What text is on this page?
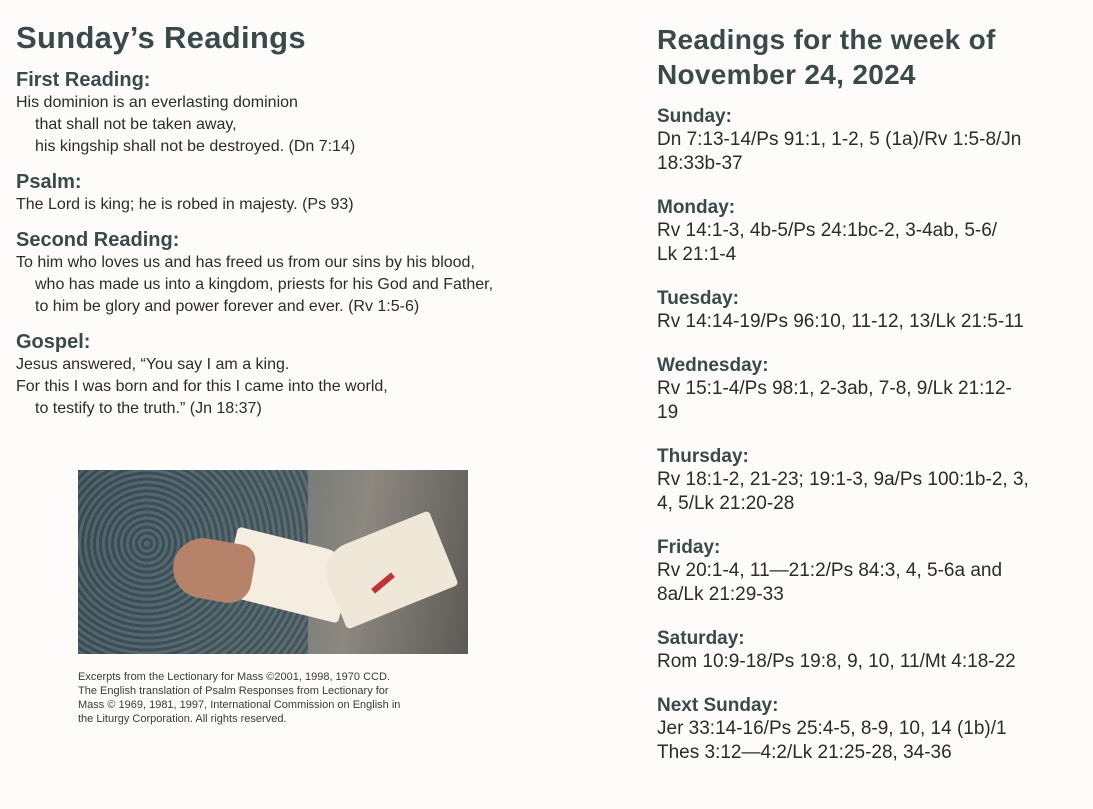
Sunday’s Readings
First Reading:

His dominion is an everlasting dominion

that shall not be taken away,

his kingship shall not be destroyed. (Dn 7:14)

Psalm:

The Lord is king; he is robed in majesty. (Ps 93)

Second Reading:

To him who loves us and has freed us from our sins by his blood,

who has made us into a kingdom, priests for his God and Father,

to him be glory and power forever and ever. (Rv 1:5-6)

Gospel:

Jesus answered, “You say I am a king.

For this I was born and for this I came into the world,

to testify to the truth.” (Jn 18:37)

Excerpts from the Lectionary for Mass ©2001, 1998, 1970 CCD.

The English translation of Psalm Responses from Lectionary for

Mass © 1969, 1981, 1997, International Commission on English in

the Liturgy Corporation. All rights reserved.

Readings for the week of
November 24, 2024

Sunday:

Dn 7:13-14/Ps 91:1, 1-2, 5 (1a)/Rv 1:5-8/Jn

18:33b-37

Monday:

Rv 14:1-3, 4b-5/Ps 24:1bc-2, 3-4ab, 5-6/

Lk 21:1-4

Tuesday:

Rv 14:14-19/Ps 96:10, 11-12, 13/Lk 21:5-11

Wednesday:

Rv 15:1-4/Ps 98:1, 2-3ab, 7-8, 9/Lk 21:12-

19

Thursday:

Rv 18:1-2, 21-23; 19:1-3, 9a/Ps 100:1b-2, 3,

4, 5/Lk 21:20-28

Friday:

Rv 20:1-4, 11—21:2/Ps 84:3, 4, 5-6a and

8a/Lk 21:29-33

Saturday:

Rom 10:9-18/Ps 19:8, 9, 10, 11/Mt 4:18-22

Next Sunday:

Jer 33:14-16/Ps 25:4-5, 8-9, 10, 14 (1b)/1

Thes 3:12—4:2/Lk 21:25-28, 34-36
